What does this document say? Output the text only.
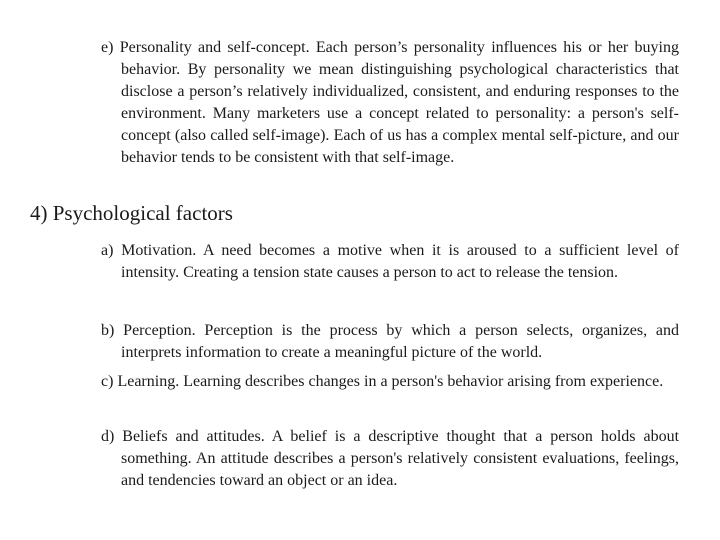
e) Personality and self-concept. Each person’s personality influences his or her buying behavior. By personality we mean distinguishing psychological characteristics that disclose a person’s relatively individualized, consistent, and enduring responses to the environment. Many marketers use a concept related to personality: a person's self-concept (also called self-image). Each of us has a complex mental self-picture, and our behavior tends to be consistent with that self-image.

4) Psychological factors

a) Motivation. A need becomes a motive when it is aroused to a sufficient level of intensity. Creating a tension state causes a person to act to release the tension.

b) Perception. Perception is the process by which a person selects, organizes, and interprets information to create a meaningful picture of the world.

c) Learning. Learning describes changes in a person's behavior arising from experience.

d) Beliefs and attitudes. A belief is a descriptive thought that a person holds about something. An attitude describes a person's relatively consistent evaluations, feelings, and tendencies toward an object or an idea.
